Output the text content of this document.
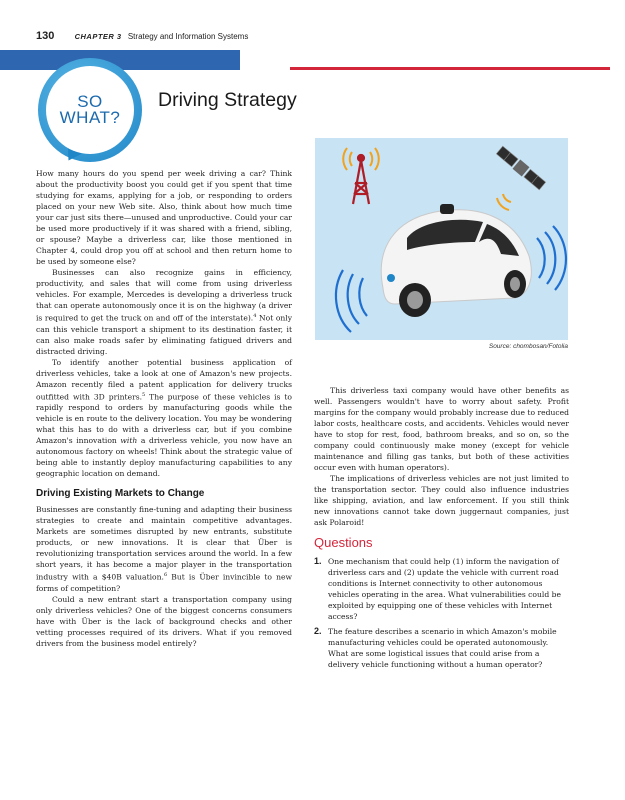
130	CHAPTER 3 Strategy and Information Systems
SO
WHAT?
Driving Strategy
Source: chombosan/Fotolia

How many hours do you spend per week driving a car? Think about the productivity boost you could get if you spent that time studying for exams, applying for a job, or responding to orders placed on your new Web site. Also, think about how much time your car just sits there—unused and unproductive. Could your car be used more productively if it was shared with a friend, sibling, or spouse? Maybe a driverless car, like those mentioned in Chapter 4, could drop you off at school and then return home to be used by someone else?

Businesses can also recognize gains in efficiency, productivity, and sales that will come from using driverless vehicles. For example, Mercedes is developing a driverless truck that can operate autonomously once it is on the highway (a driver is required to get the truck on and off of the interstate).$^4$ Not only can this vehicle transport a shipment to its destination faster, it can also make roads safer by eliminating fatigued drivers and distracted driving.

To identify another potential business application of driverless vehicles, take a look at one of Amazon's new projects. Amazon recently filed a patent application for delivery trucks outfitted with 3D printers.$^5$ The purpose of these vehicles is to rapidly respond to orders by manufacturing goods while the vehicle is en route to the delivery location. You may be wondering what this has to do with a driverless car, but if you combine Amazon's innovation with a driverless vehicle, you now have an autonomous factory on wheels! Think about the strategic value of being able to instantly deploy manufacturing capabilities to any geographic location on demand.

Driving Existing Markets to Change

Businesses are constantly fine-tuning and adapting their business strategies to create and maintain competitive advantages. Markets are sometimes disrupted by new entrants, substitute products, or new innovations. It is clear that Über is revolutionizing transportation services around the world. In a few short years, it has become a major player in the transportation industry with a $40B valuation.$^6$ But is Über invincible to new forms of competition?

Could a new entrant start a transportation company using only driverless vehicles? One of the biggest concerns consumers have with Über is the lack of background checks and other vetting processes required of its drivers. What if you removed drivers from the business model entirely?

This driverless taxi company would have other benefits as well. Passengers wouldn't have to worry about safety. Profit margins for the company would probably increase due to reduced labor costs, healthcare costs, and accidents. Vehicles would never have to stop for rest, food, bathroom breaks, and so on, so the company could continuously make money (except for vehicle maintenance and filling gas tanks, but both of these activities occur even with human operators).

The implications of driverless vehicles are not just limited to the transportation sector. They could also influence industries like shipping, aviation, and law enforcement. If you still think new innovations cannot take down juggernaut companies, just ask Polaroid!

Questions
1. One mechanism that could help (1) inform the navigation of driverless cars and (2) update the vehicle with current road conditions is Internet connectivity to other autonomous vehicles operating in the area. What vulnerabilities could be exploited by equipping one of these vehicles with Internet access?
2. The feature describes a scenario in which Amazon's mobile manufacturing vehicles could be operated autonomously. What are some logistical issues that could arise from a delivery vehicle functioning without a human operator?
